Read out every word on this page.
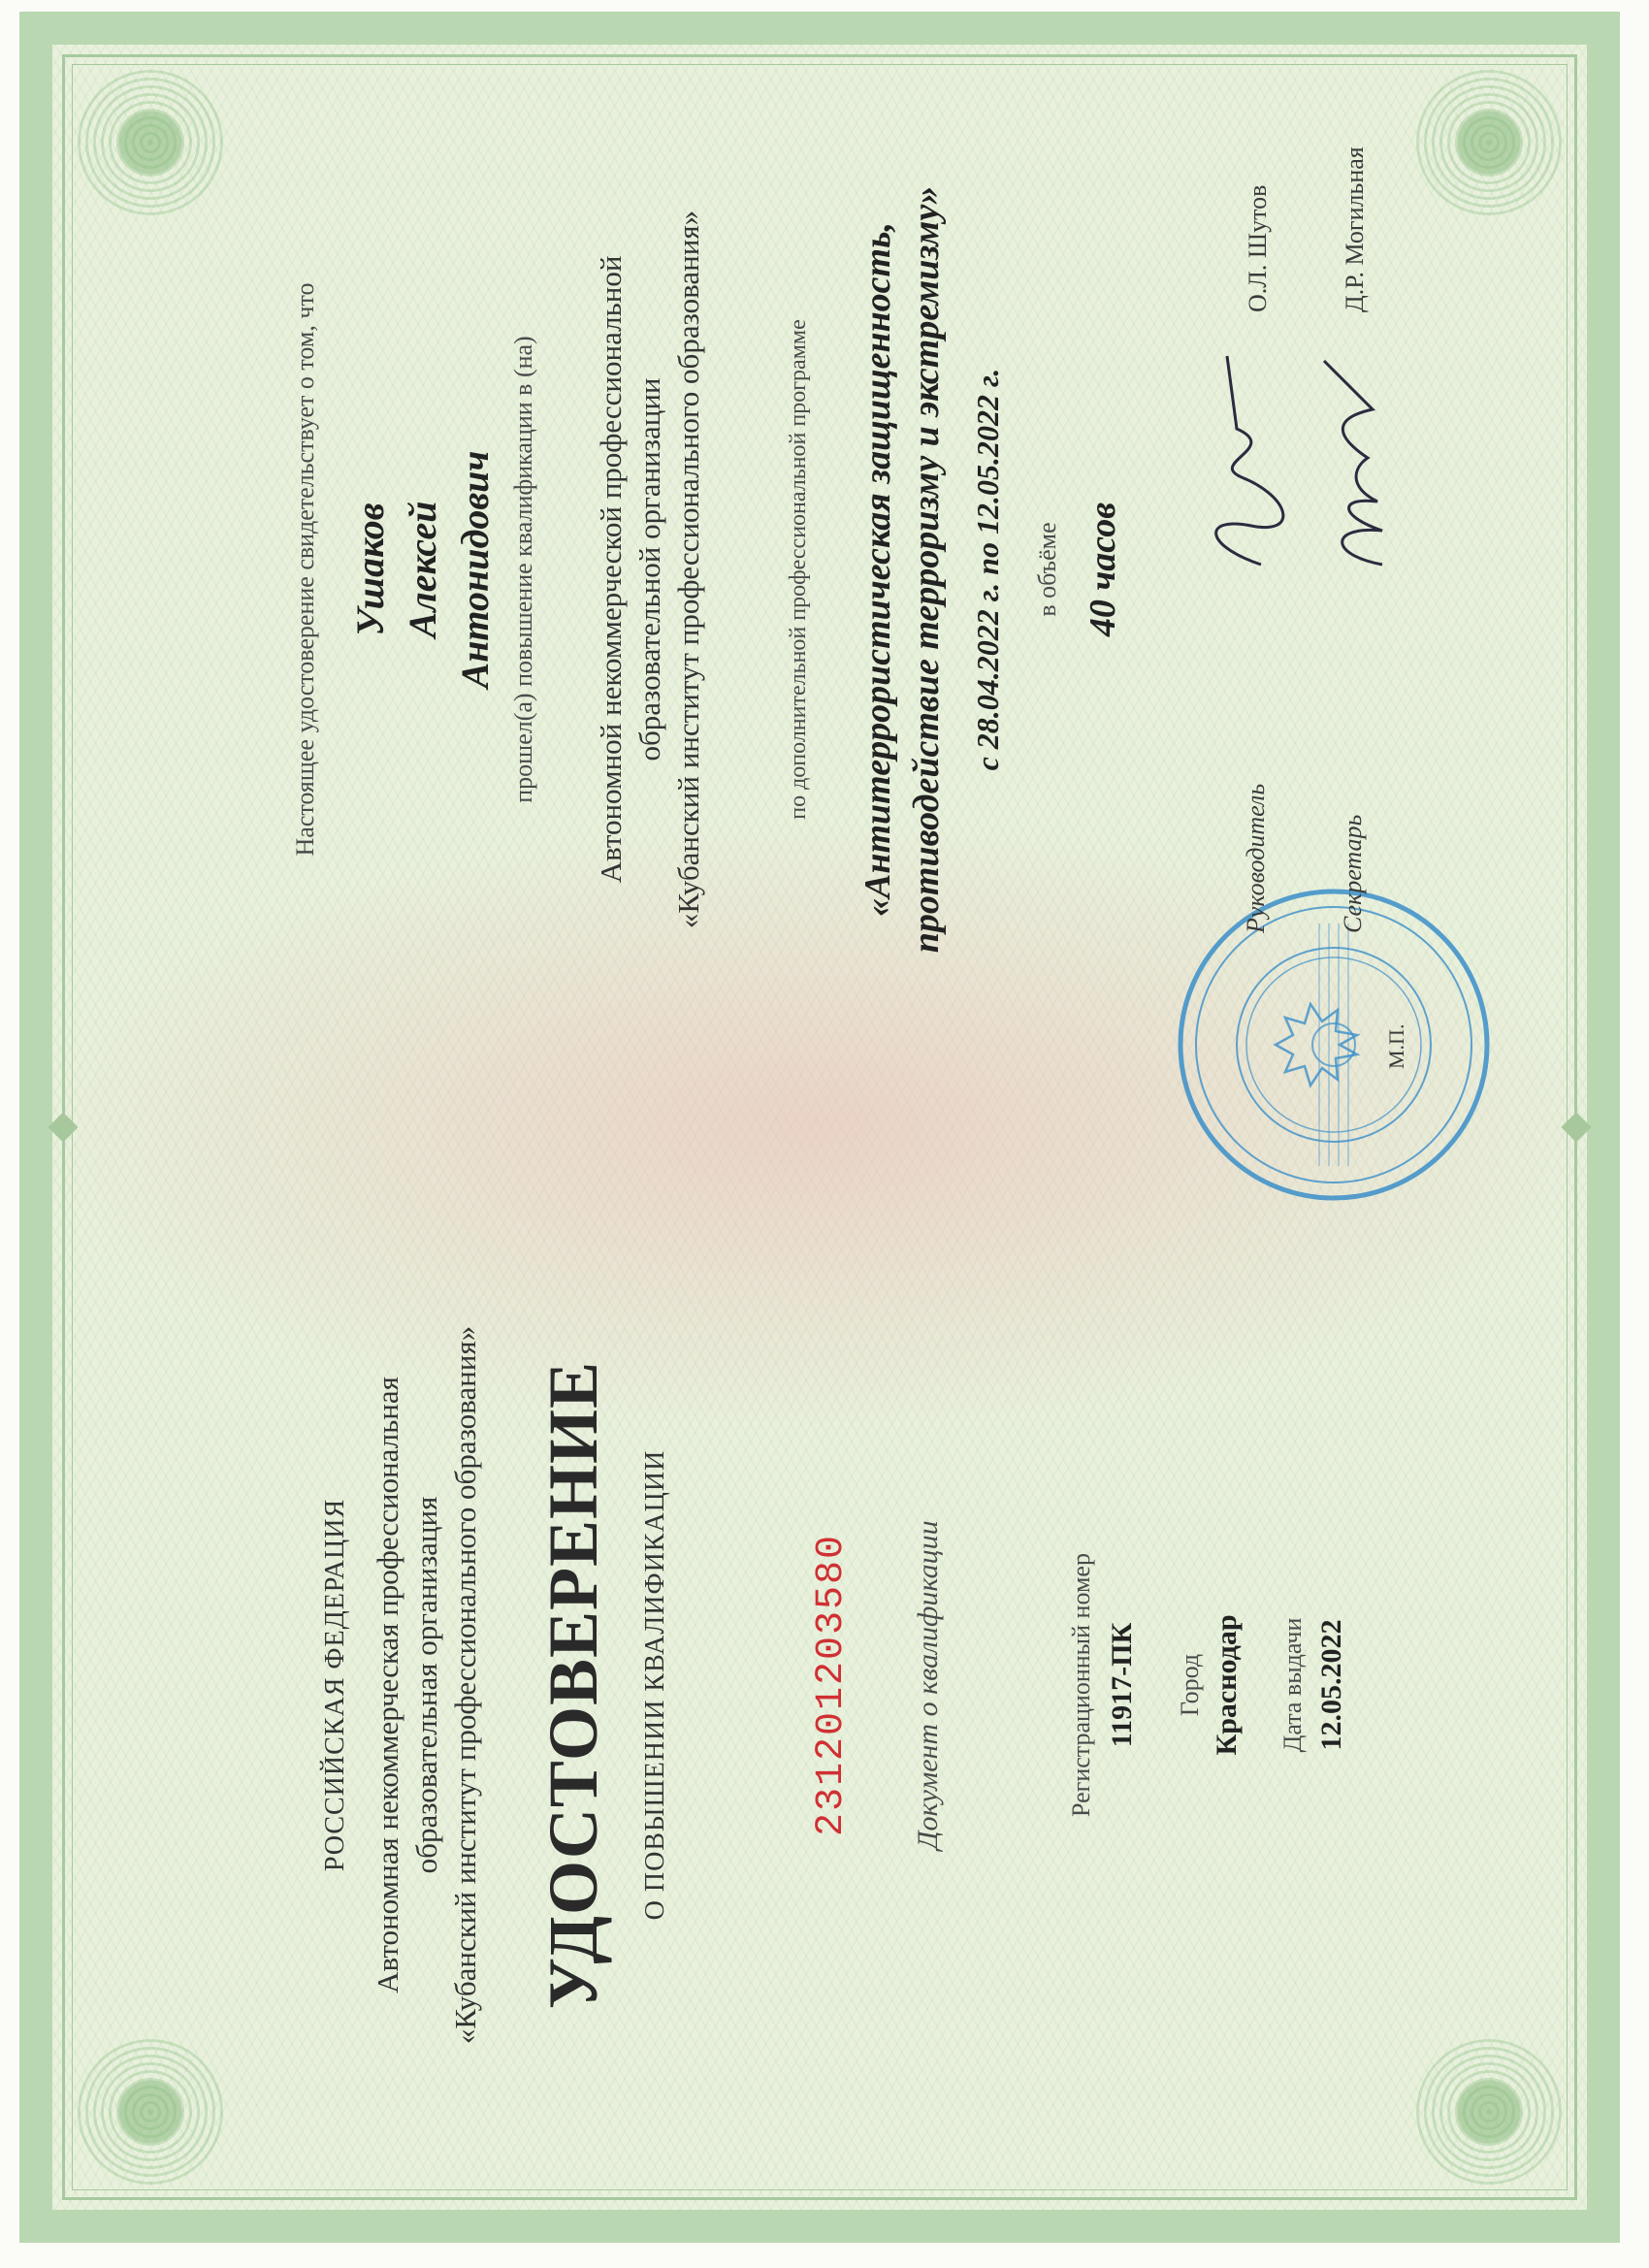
РОССИЙСКАЯ ФЕДЕРАЦИЯ Автономная некоммерческая профессиональная образовательная организация «Кубанский институт профессионального образования» УДОСТОВЕРЕНИЕ О ПОВЫШЕНИИ КВАЛИФИКАЦИИ	231201203580 Документ о квалификации	Регистрационный номер 11917-ПК Город Краснодар Дата выдачи 12.05.2022

Настоящее удостоверение свидетельствует о том, что Ушаков Алексей Антонидович прошел(а) повышение квалификации в (на) Автономной некоммерческой профессиональной образовательной организации «Кубанский институт профессионального образования»	по дополнительной профессиональной программе «Антитеррористическая защищенность, противодействие терроризму и экстремизму» с 28.04.2022 г. по 12.05.2022 г. в объёме 40 часов

М.П.

Руководитель
О.Л. Шутов
Секретарь
Д.Р. Могильная
